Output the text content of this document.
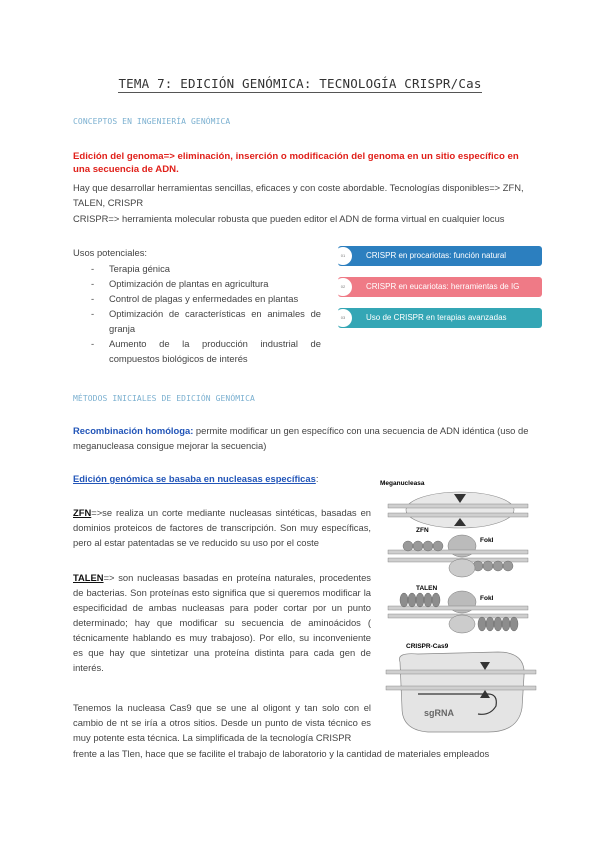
TEMA 7: EDICIÓN GENÓMICA: TECNOLOGÍA CRISPR/Cas
CONCEPTOS EN INGENIERÍA GENÓMICA
Edición del genoma=> eliminación, inserción o modificación del genoma en un sitio específico en una secuencia de ADN.
Hay que desarrollar herramientas sencillas, eficaces y con coste abordable. Tecnologías disponibles=> ZFN, TALEN, CRISPR
CRISPR=> herramienta molecular robusta que pueden editor el ADN de forma virtual en cualquier locus
Usos potenciales:
- Terapia génica
- Optimización de plantas en agricultura
- Control de plagas y enfermedades en plantas
- Optimización de características en animales de granja
- Aumento de la producción industrial de compuestos biológicos de interés
01	CRISPR en procariotas: función natural
02	CRISPR en eucariotas: herramientas de IG
03	Uso de CRISPR en terapias avanzadas
MÉTODOS INICIALES DE EDICIÓN GENÓMICA
Recombinación homóloga: permite modificar un gen específico con una secuencia de ADN idéntica (uso de meganucleasa consigue mejorar la secuencia)
Edición genómica se basaba en nucleasas específicas:
ZFN=>se realiza un corte mediante nucleasas sintéticas, basadas en dominios proteicos de factores de transcripción. Son muy específicas, pero al estar patentadas se ve reducido su uso por el coste
TALEN=> son nucleasas basadas en proteína naturales, procedentes de bacterias. Son proteínas esto significa que si queremos modificar la especificidad de ambas nucleasas para poder cortar por un punto determinado; hay que modificar su secuencia de aminoácidos ( técnicamente hablando es muy trabajoso). Por ello, su inconveniente es que hay que sintetizar una proteína distinta para cada gen de interés.
Tenemos la nucleasa Cas9 que se une al oligont y tan solo con el cambio de nt se iría a otros sitios. Desde un punto de vista técnico es muy potente esta técnica. La simplificada de la tecnología CRISPR
frente a las Tlen, hace que se facilite el trabajo de laboratorio y la cantidad de materiales empleados
Meganucleasa
ZFN
FokI
TALEN
FokI
CRISPR-Cas9
sgRNA
